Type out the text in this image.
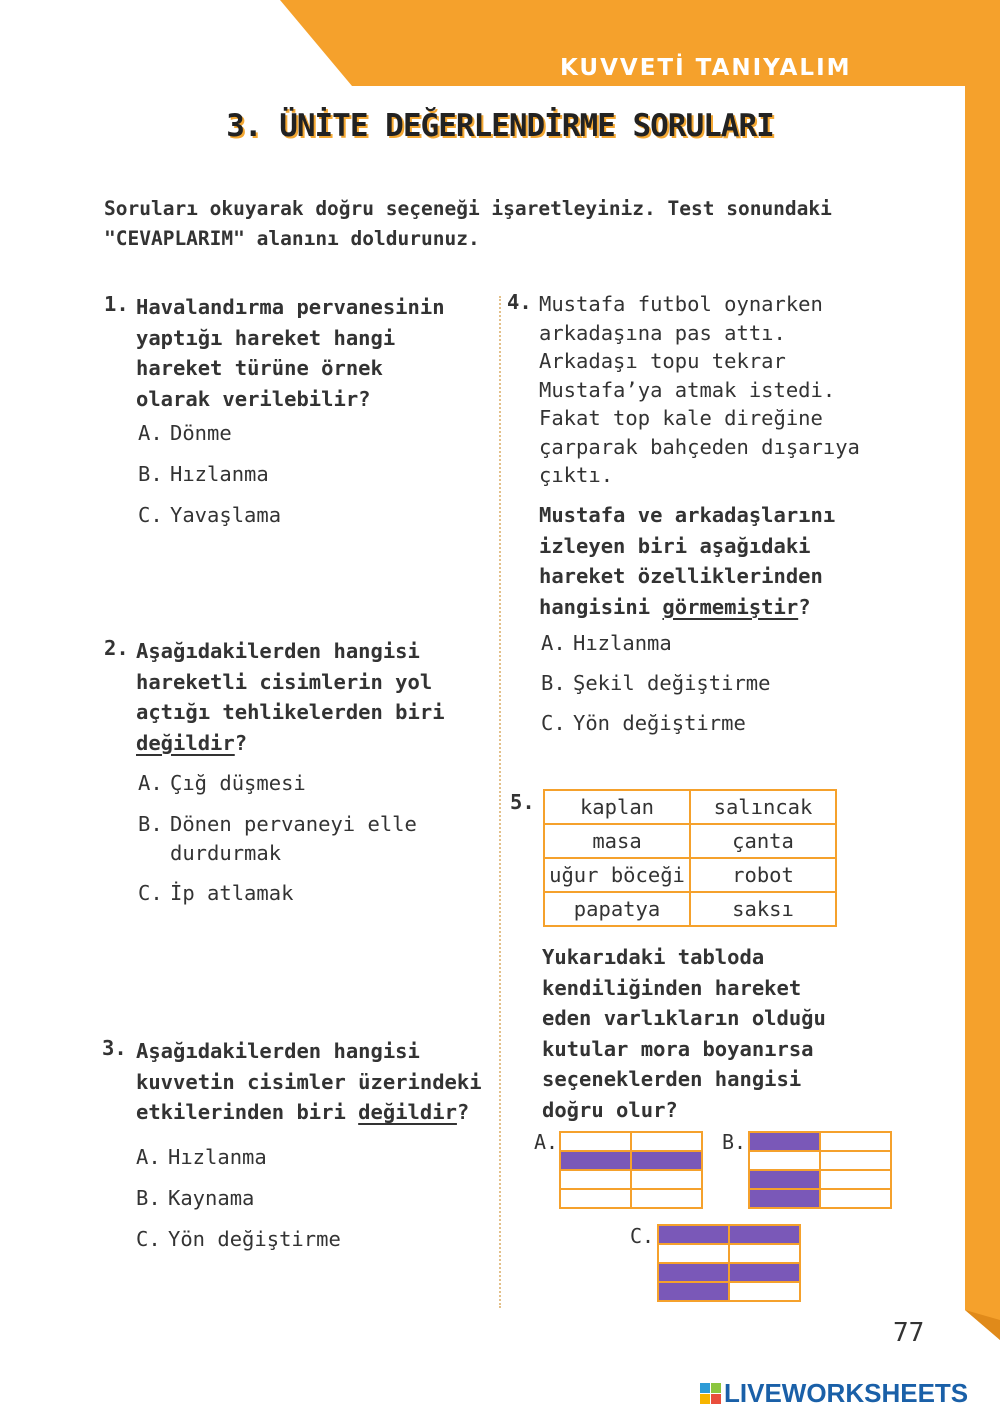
KUVVETİ TANIYALIM
3. ÜNİTE DEĞERLENDİRME SORULARI
Soruları okuyarak doğru seçeneği işaretleyiniz. Test sonundaki
"CEVAPLARIM" alanını doldurunuz.
1. Havalandırma pervanesinin
yaptığı hareket hangi
hareket türüne örnek
olarak verilebilir?
A. Dönme
B. Hızlanma
C. Yavaşlama
2. Aşağıdakilerden hangisi
hareketli cisimlerin yol
açtığı tehlikelerden biri
değildir?
A. Çığ düşmesi
B. Dönen pervaneyi elle
durdurmak
C. İp atlamak
3. Aşağıdakilerden hangisi
kuvvetin cisimler üzerindeki
etkilerinden biri değildir?
A. Hızlanma
B. Kaynama
C. Yön değiştirme
4. Mustafa futbol oynarken
arkadaşına pas attı.
Arkadaşı topu tekrar
Mustafa’ya atmak istedi.
Fakat top kale direğine
çarparak bahçeden dışarıya
çıktı.
Mustafa ve arkadaşlarını
izleyen biri aşağıdaki
hareket özelliklerinden
hangisini görmemiştir?
A. Hızlanma
B. Şekil değiştirme
C. Yön değiştirme
5. kaplan	salıncak
masa	çanta
uğur böceği	robot
papatya	saksı
Yukarıdaki tabloda
kendiliğinden hareket
eden varlıkların olduğu
kutular mora boyanırsa
seçeneklerden hangisi
doğru olur?
A.

		B.

C.

77
LIVEWORKSHEETS
